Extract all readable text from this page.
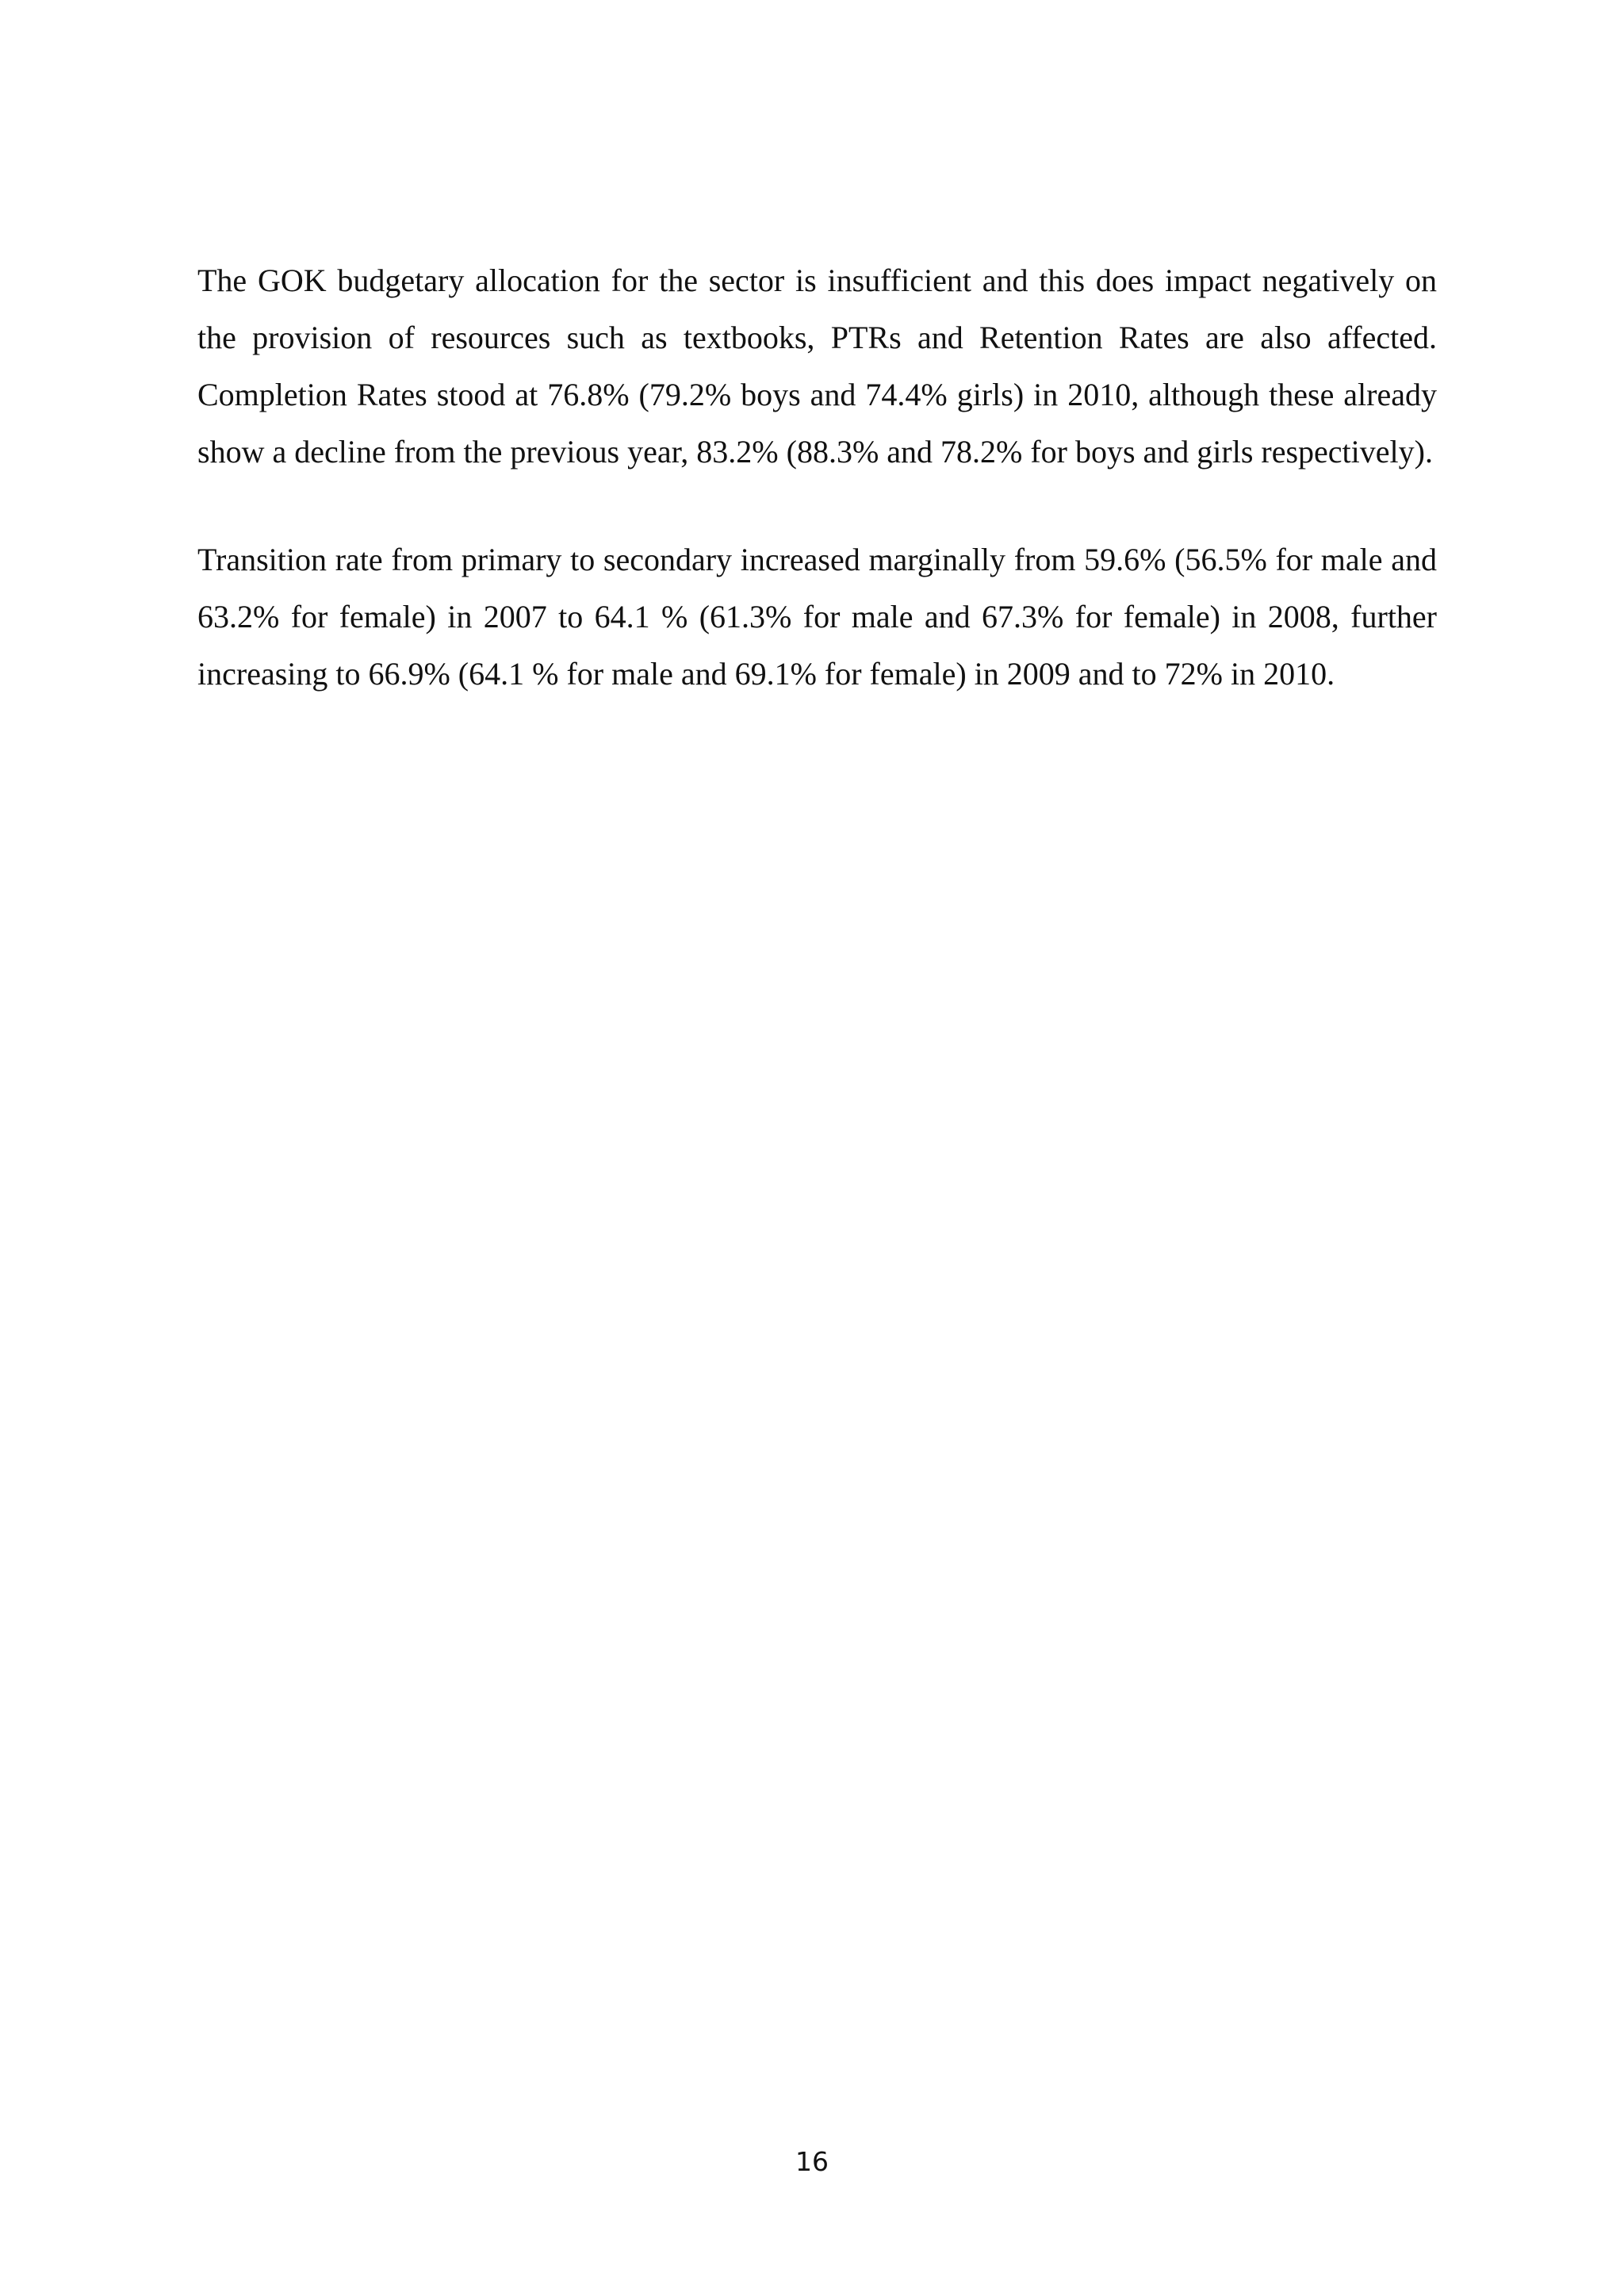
The GOK budgetary allocation for the sector is insufficient and this does impact negatively on the provision of resources such as textbooks, PTRs and Retention Rates are also affected. Completion Rates stood at 76.8% (79.2% boys and 74.4% girls) in 2010, although these already show a decline from the previous year, 83.2% (88.3% and 78.2% for boys and girls respectively).

Transition rate from primary to secondary increased marginally from 59.6% (56.5% for male and 63.2% for female) in 2007 to 64.1 % (61.3% for male and 67.3% for female) in 2008, further increasing to 66.9% (64.1 % for male and 69.1% for female) in 2009 and to 72% in 2010.

16
